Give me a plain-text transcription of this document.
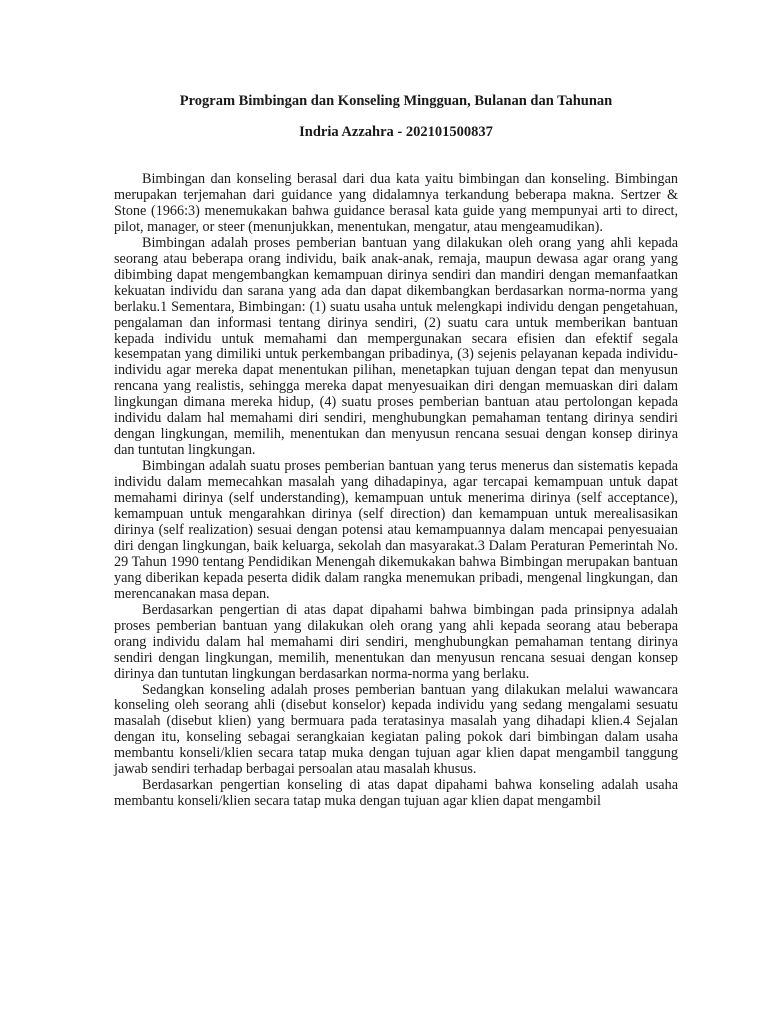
Program Bimbingan dan Konseling Mingguan, Bulanan dan Tahunan
Indria Azzahra - 202101500837

Bimbingan dan konseling berasal dari dua kata yaitu bimbingan dan konseling. Bimbingan merupakan terjemahan dari guidance yang didalamnya terkandung beberapa makna. Sertzer & Stone (1966:3) menemukakan bahwa guidance berasal kata guide yang mempunyai arti to direct, pilot, manager, or steer (menunjukkan, menentukan, mengatur, atau mengeamudikan).

Bimbingan adalah proses pemberian bantuan yang dilakukan oleh orang yang ahli kepada seorang atau beberapa orang individu, baik anak-anak, remaja, maupun dewasa agar orang yang dibimbing dapat mengembangkan kemampuan dirinya sendiri dan mandiri dengan memanfaatkan kekuatan individu dan sarana yang ada dan dapat dikembangkan berdasarkan norma-norma yang berlaku.1 Sementara, Bimbingan: (1) suatu usaha untuk melengkapi individu dengan pengetahuan, pengalaman dan informasi tentang dirinya sendiri, (2) suatu cara untuk memberikan bantuan kepada individu untuk memahami dan mempergunakan secara efisien dan efektif segala kesempatan yang dimiliki untuk perkembangan pribadinya, (3) sejenis pelayanan kepada individu-individu agar mereka dapat menentukan pilihan, menetapkan tujuan dengan tepat dan menyusun rencana yang realistis, sehingga mereka dapat menyesuaikan diri dengan memuaskan diri dalam lingkungan dimana mereka hidup, (4) suatu proses pemberian bantuan atau pertolongan kepada individu dalam hal memahami diri sendiri, menghubungkan pemahaman tentang dirinya sendiri dengan lingkungan, memilih, menentukan dan menyusun rencana sesuai dengan konsep dirinya dan tuntutan lingkungan.

Bimbingan adalah suatu proses pemberian bantuan yang terus menerus dan sistematis kepada individu dalam memecahkan masalah yang dihadapinya, agar tercapai kemampuan untuk dapat memahami dirinya (self understanding), kemampuan untuk menerima dirinya (self acceptance), kemampuan untuk mengarahkan dirinya (self direction) dan kemampuan untuk merealisasikan dirinya (self realization) sesuai dengan potensi atau kemampuannya dalam mencapai penyesuaian diri dengan lingkungan, baik keluarga, sekolah dan masyarakat.3 Dalam Peraturan Pemerintah No. 29 Tahun 1990 tentang Pendidikan Menengah dikemukakan bahwa Bimbingan merupakan bantuan yang diberikan kepada peserta didik dalam rangka menemukan pribadi, mengenal lingkungan, dan merencanakan masa depan.

Berdasarkan pengertian di atas dapat dipahami bahwa bimbingan pada prinsipnya adalah proses pemberian bantuan yang dilakukan oleh orang yang ahli kepada seorang atau beberapa orang individu dalam hal memahami diri sendiri, menghubungkan pemahaman tentang dirinya sendiri dengan lingkungan, memilih, menentukan dan menyusun rencana sesuai dengan konsep dirinya dan tuntutan lingkungan berdasarkan norma-norma yang berlaku.

Sedangkan konseling adalah proses pemberian bantuan yang dilakukan melalui wawancara konseling oleh seorang ahli (disebut konselor) kepada individu yang sedang mengalami sesuatu masalah (disebut klien) yang bermuara pada teratasinya masalah yang dihadapi klien.4 Sejalan dengan itu, konseling sebagai serangkaian kegiatan paling pokok dari bimbingan dalam usaha membantu konseli/klien secara tatap muka dengan tujuan agar klien dapat mengambil tanggung jawab sendiri terhadap berbagai persoalan atau masalah khusus.

Berdasarkan pengertian konseling di atas dapat dipahami bahwa konseling adalah usaha membantu konseli/klien secara tatap muka dengan tujuan agar klien dapat mengambil
